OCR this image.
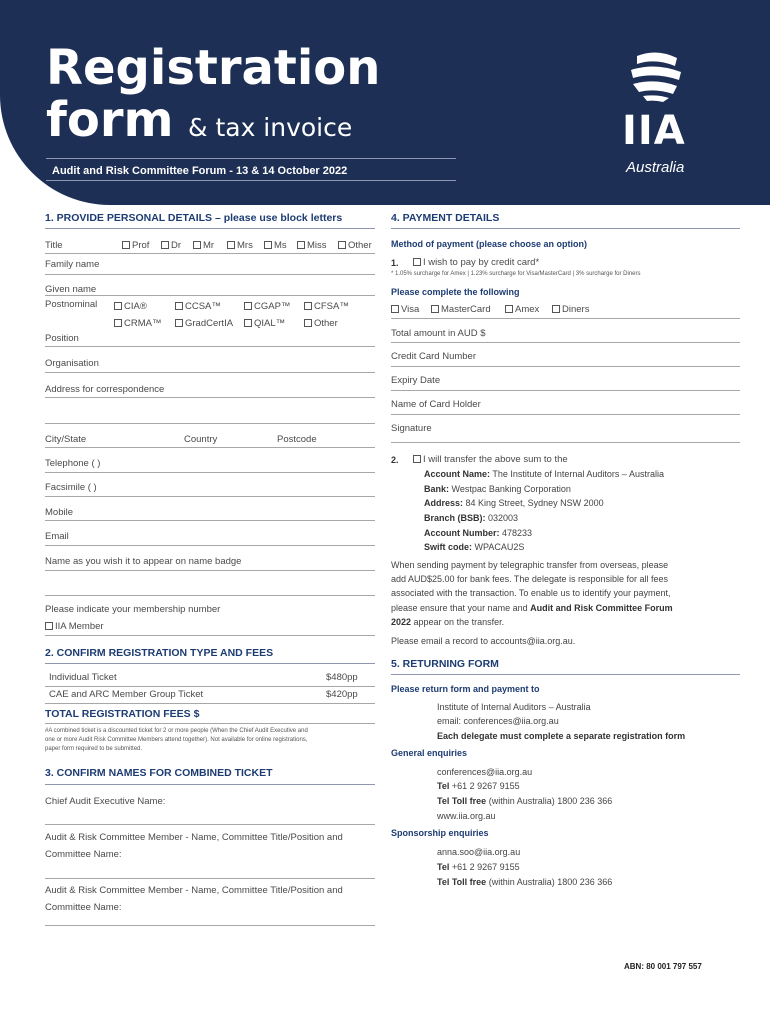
Registration
form & tax invoice
Audit and Risk Committee Forum - 13 & 14 October 2022
IIA
Australia
1. PROVIDE PERSONAL DETAILS – please use block letters
Title	Prof	Dr	Mr	Mrs	Ms	Miss	Other
Family name
Given name
Postnominal	CIA®	CCSA™	CGAP™	CFSA™
CRMA™	GradCertIA	QIAL™	Other
Position
Organisation
Address for correspondence
City/State	Country	Postcode
Telephone ( )
Facsimile ( )
Mobile
Email
Name as you wish it to appear on name badge
Please indicate your membership number
IIA Member
2. CONFIRM REGISTRATION TYPE AND FEES
Individual Ticket	$480pp
CAE and ARC Member Group Ticket	$420pp
TOTAL REGISTRATION FEES $
#A combined ticket is a discounted ticket for 2 or more people (When the Chief Audit Executive and
one or more Audit Risk Committee Members attend together). Not available for online registrations,
paper form required to be submitted.
3. CONFIRM NAMES FOR COMBINED TICKET
Chief Audit Executive Name:
Audit & Risk Committee Member - Name, Committee Title/Position and
Committee Name:
Audit & Risk Committee Member - Name, Committee Title/Position and
Committee Name:
4. PAYMENT DETAILS
Method of payment (please choose an option)
1.	I wish to pay by credit card*
* 1.05% surcharge for Amex | 1.23% surcharge for Visa/MasterCard | 3% surcharge for Diners
Please complete the following
Visa	MasterCard	Amex	Diners
Total amount in AUD $
Credit Card Number
Expiry Date
Name of Card Holder
Signature
2.	I will transfer the above sum to the
Account Name: The Institute of Internal Auditors – Australia
Bank: Westpac Banking Corporation
Address: 84 King Street, Sydney NSW 2000
Branch (BSB): 032003
Account Number: 478233
Swift code: WPACAU2S
When sending payment by telegraphic transfer from overseas, please
add AUD$25.00 for bank fees. The delegate is responsible for all fees
associated with the transaction. To enable us to identify your payment,
please ensure that your name and Audit and Risk Committee Forum
2022 appear on the transfer.
Please email a record to accounts@iia.org.au.
5. RETURNING FORM
Please return form and payment to
Institute of Internal Auditors – Australia
email: conferences@iia.org.au
Each delegate must complete a separate registration form
General enquiries
conferences@iia.org.au
Tel +61 2 9267 9155
Tel Toll free (within Australia) 1800 236 366
www.iia.org.au
Sponsorship enquiries
anna.soo@iia.org.au
Tel +61 2 9267 9155
Tel Toll free (within Australia) 1800 236 366
ABN: 80 001 797 557
